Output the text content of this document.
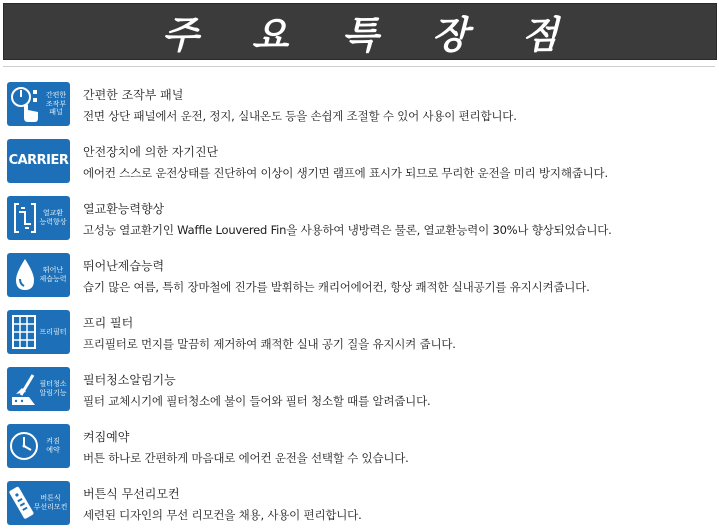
주 요 특 장 점
간편한
조작부
패널
간편한 조작부 패널
전면 상단 패널에서 운전, 정지, 실내온도 등을 손쉽게 조절할 수 있어 사용이 편리합니다.
CARRIER
안전장치에 의한 자기진단
에어컨 스스로 운전상태를 진단하여 이상이 생기면 램프에 표시가 되므로 무리한 운전을 미리 방지해줍니다.
열교환
능력향상
열교환능력향상
고성능 열교환기인 Waffle Louvered Fin을 사용하여 냉방력은 물론, 열교환능력이 30%나 향상되었습니다.
뛰어난
제습능력
뛰어난제습능력
습기 많은 여름, 특히 장마철에 진가를 발휘하는 캐리어에어컨, 항상 쾌적한 실내공기를 유지시켜줍니다.
프리필터
프리 필터
프리필터로 먼지를 말끔히 제거하여 쾌적한 실내 공기 질을 유지시켜 줍니다.
필터청소
알림기능
필터청소알림기능
필터 교체시기에 필터청소에 불이 들어와 필터 청소할 때를 알려줍니다.
켜짐
예약
켜짐예약
버튼 하나로 간편하게 마음대로 에어컨 운전을 선택할 수 있습니다.
버튼식
무선리모컨
버튼식 무선리모컨
세련된 디자인의 무선 리모컨을 채용, 사용이 편리합니다.
